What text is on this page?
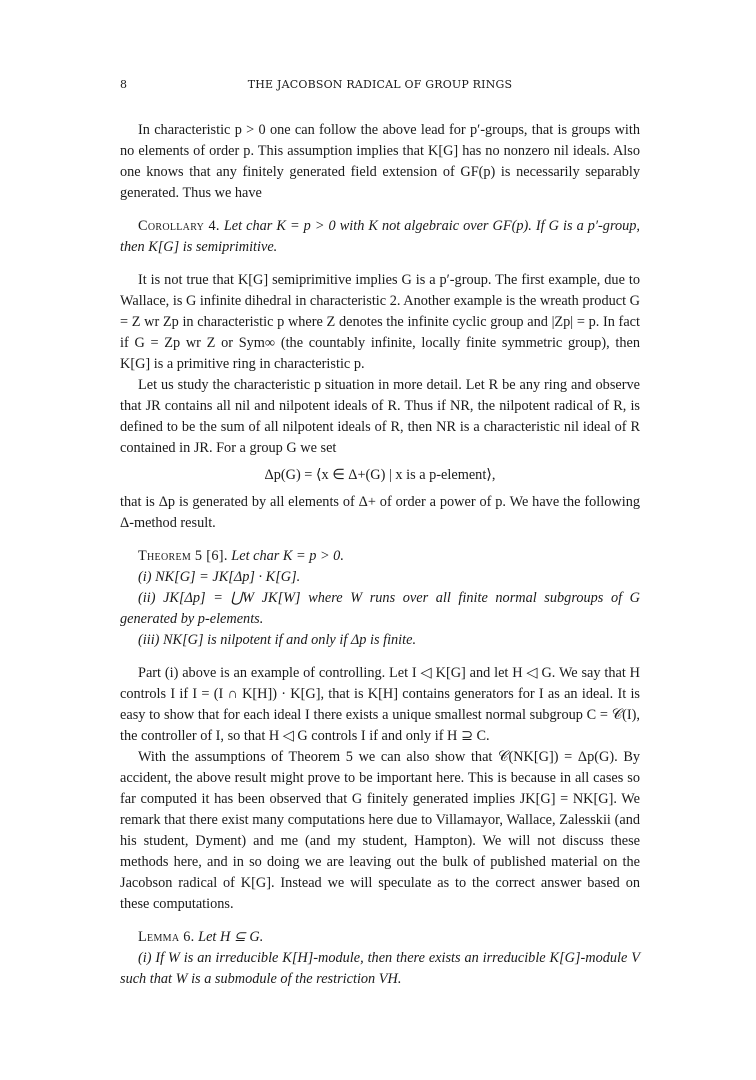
8	THE JACOBSON RADICAL OF GROUP RINGS

In characteristic p > 0 one can follow the above lead for p′-groups, that is groups with no elements of order p. This assumption implies that K[G] has no nonzero nil ideals. Also one knows that any finitely generated field extension of GF(p) is necessarily separably generated. Thus we have

Corollary 4. Let char K = p > 0 with K not algebraic over GF(p). If G is a p′-group, then K[G] is semiprimitive.

It is not true that K[G] semiprimitive implies G is a p′-group. The first example, due to Wallace, is G infinite dihedral in characteristic 2. Another example is the wreath product G = Z wr Zp in characteristic p where Z denotes the infinite cyclic group and |Zp| = p. In fact if G = Zp wr Z or Sym∞ (the countably infinite, locally finite symmetric group), then K[G] is a primitive ring in characteristic p.

Let us study the characteristic p situation in more detail. Let R be any ring and observe that JR contains all nil and nilpotent ideals of R. Thus if NR, the nilpotent radical of R, is defined to be the sum of all nilpotent ideals of R, then NR is a characteristic nil ideal of R contained in JR. For a group G we set

Δp(G) = ⟨x ∈ Δ+(G) | x is a p-element⟩,

that is Δp is generated by all elements of Δ+ of order a power of p. We have the following Δ-method result.

Theorem 5 [6]. Let char K = p > 0.

(i) NK[G] = JK[Δp] · K[G].

(ii) JK[Δp] = ⋃W JK[W] where W runs over all finite normal subgroups of G generated by p-elements.

(iii) NK[G] is nilpotent if and only if Δp is finite.

Part (i) above is an example of controlling. Let I ◁ K[G] and let H ◁ G. We say that H controls I if I = (I ∩ K[H]) · K[G], that is K[H] contains generators for I as an ideal. It is easy to show that for each ideal I there exists a unique smallest normal subgroup C = 𝒞(I), the controller of I, so that H ◁ G controls I if and only if H ⊇ C.

With the assumptions of Theorem 5 we can also show that 𝒞(NK[G]) = Δp(G). By accident, the above result might prove to be important here. This is because in all cases so far computed it has been observed that G finitely generated implies JK[G] = NK[G]. We remark that there exist many computations here due to Villamayor, Wallace, Zalesskii (and his student, Dyment) and me (and my student, Hampton). We will not discuss these methods here, and in so doing we are leaving out the bulk of published material on the Jacobson radical of K[G]. Instead we will speculate as to the correct answer based on these computations.

Lemma 6. Let H ⊆ G.

(i) If W is an irreducible K[H]-module, then there exists an irreducible K[G]-module V such that W is a submodule of the restriction VH.
